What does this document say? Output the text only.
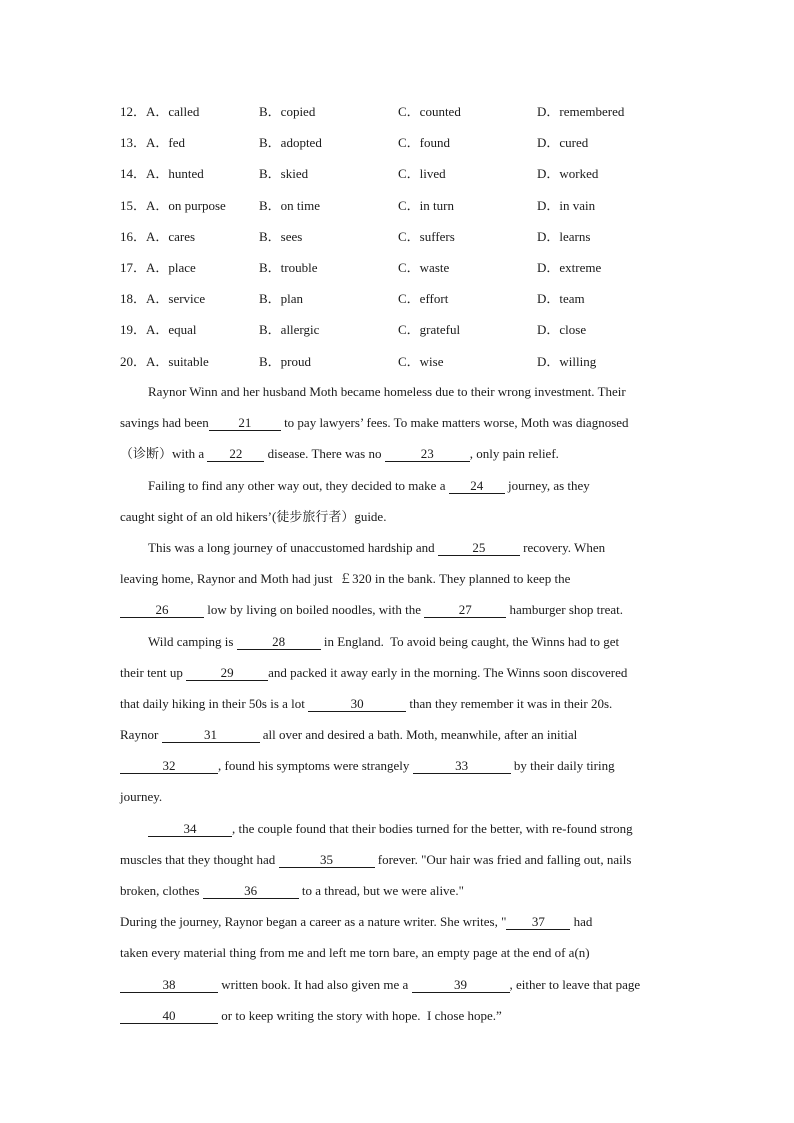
12．A．called	B．copied	C．counted	D．remembered
13．A．fed	B．adopted	C．found	D．cured
14．A．hunted	B．skied	C．lived	D．worked
15．A．on purpose	B．on time	C．in turn	D．in vain
16．A．cares	B．sees	C．suffers	D．learns
17．A．place	B．trouble	C．waste	D．extreme
18．A．service	B．plan	C．effort	D．team
19．A．equal	B．allergic	C．grateful	D．close
20．A．suitable	B．proud	C．wise	D．willing
Raynor Winn and her husband Moth became homeless due to their wrong investment. Their
savings had been 21 to pay lawyers’ fees. To make matters worse, Moth was diagnosed
（诊断）with a 22 disease. There was no	23	, only pain relief.
Failing to find any other way out, they decided to make a 24 journey, as they
caught sight of an old hikers’(徒步旅行者）guide.
This was a long journey of unaccustomed hardship and	25	recovery. When
leaving home, Raynor and Moth had just  ￡320 in the bank. They planned to keep the
26	low by living on boiled noodles, with the	27	hamburger shop treat.
Wild camping is	28	in England.  To avoid being caught, the Winns had to get
their tent up	29	and packed it away early in the morning. The Winns soon discovered
that daily hiking in their 50s is a lot	30	than they remember it was in their 20s.
Raynor	31	all over and desired a bath. Moth, meanwhile, after an initial
32	, found his symptoms were strangely	33	by their daily tiring
journey.
34	, the couple found that their bodies turned for the better, with re-found strong
muscles that they thought had	35	forever. "Our hair was fried and falling out, nails
broken, clothes	36	to a thread, but we were alive."
During the journey, Raynor began a career as a nature writer. She writes, " 37 had
taken every material thing from me and left me torn bare, an empty page at the end of a(n)
38	written book. It had also given me a	39	, either to leave that page
40	or to keep writing the story with hope.  I chose hope.”
